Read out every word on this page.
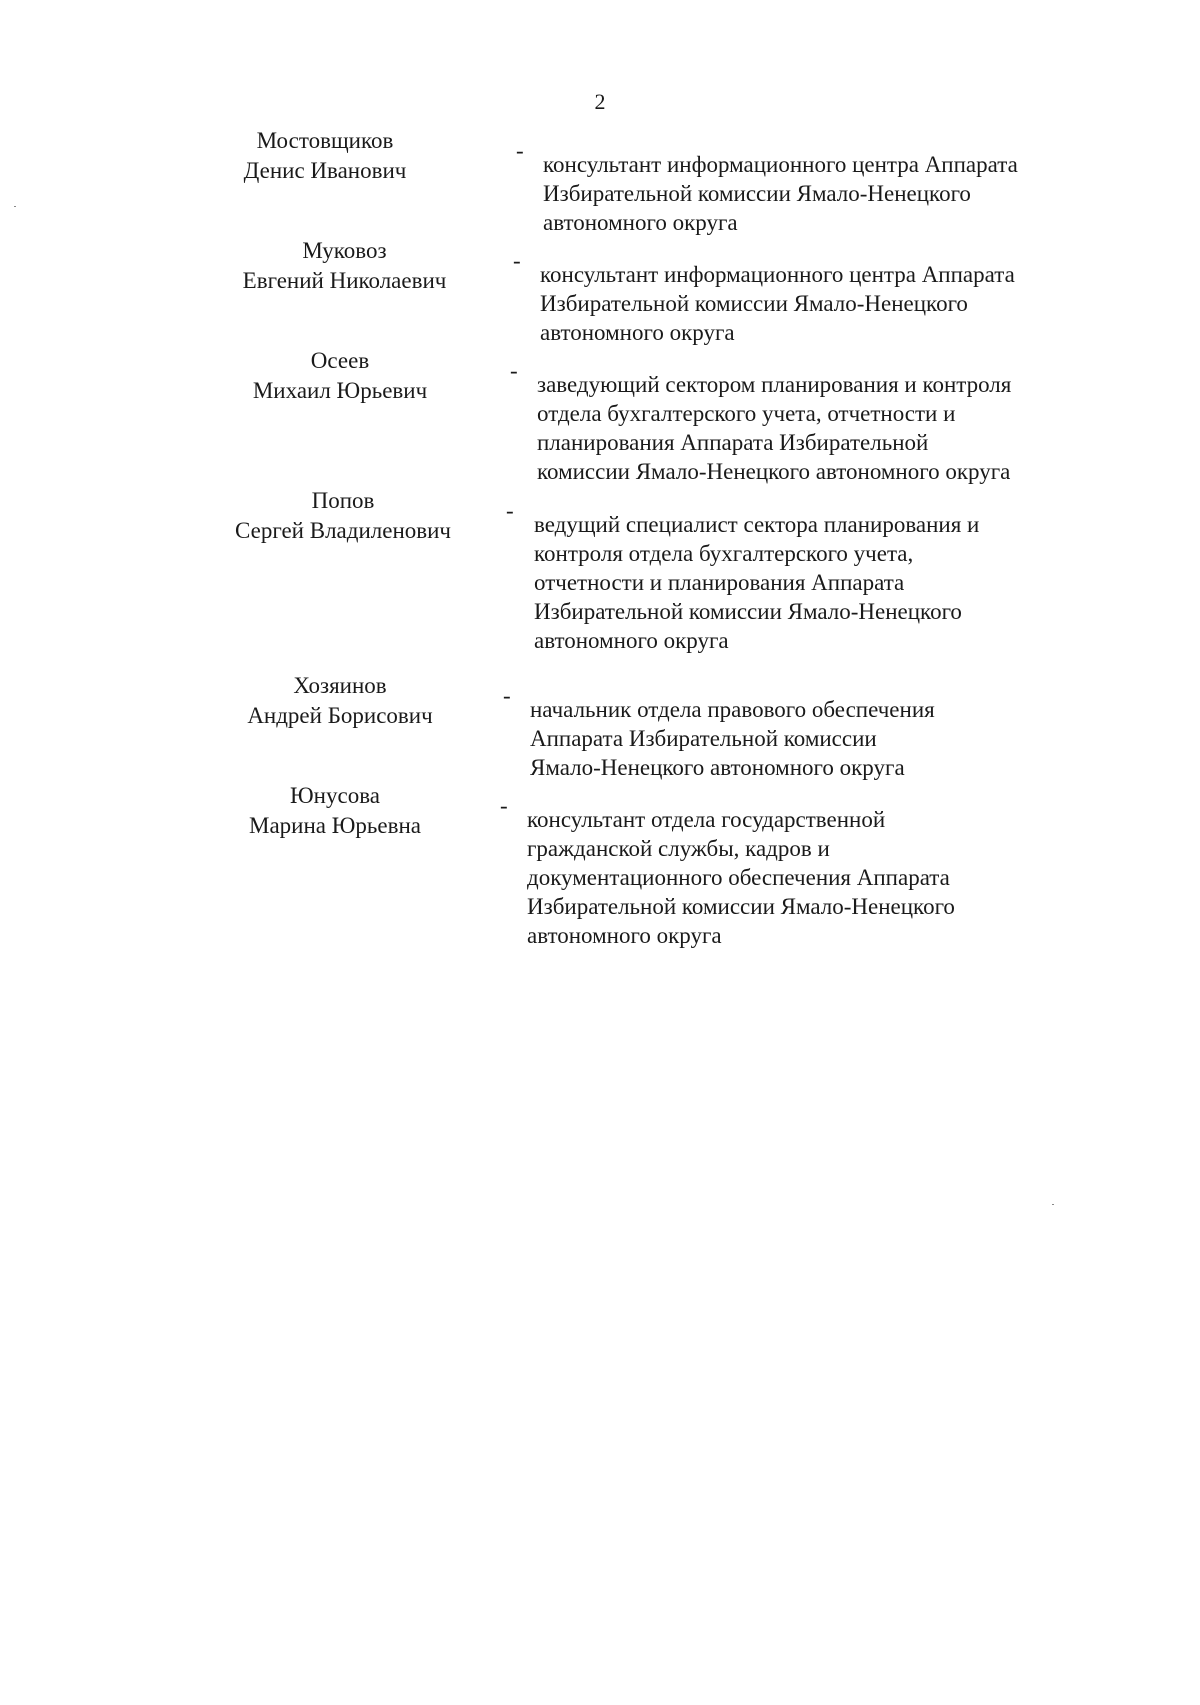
2
Мостовщиков
Денис Иванович
-
консультант информационного центра Аппарата
Избирательной комиссии Ямало-Ненецкого
автономного округа
Муковоз
Евгений Николаевич
-
консультант информационного центра Аппарата
Избирательной комиссии Ямало-Ненецкого
автономного округа
Осеев
Михаил Юрьевич
-
заведующий сектором планирования и контроля
отдела бухгалтерского учета, отчетности и
планирования Аппарата Избирательной
комиссии Ямало-Ненецкого автономного округа
Попов
Сергей Владиленович
-
ведущий специалист сектора планирования и
контроля отдела бухгалтерского учета,
отчетности и планирования Аппарата
Избирательной комиссии Ямало-Ненецкого
автономного округа
Хозяинов
Андрей Борисович
-
начальник отдела правового обеспечения
Аппарата Избирательной комиссии
Ямало-Ненецкого автономного округа
Юнусова
Марина Юрьевна
-
консультант отдела государственной
гражданской службы, кадров и
документационного обеспечения Аппарата
Избирательной комиссии Ямало-Ненецкого
автономного округа
